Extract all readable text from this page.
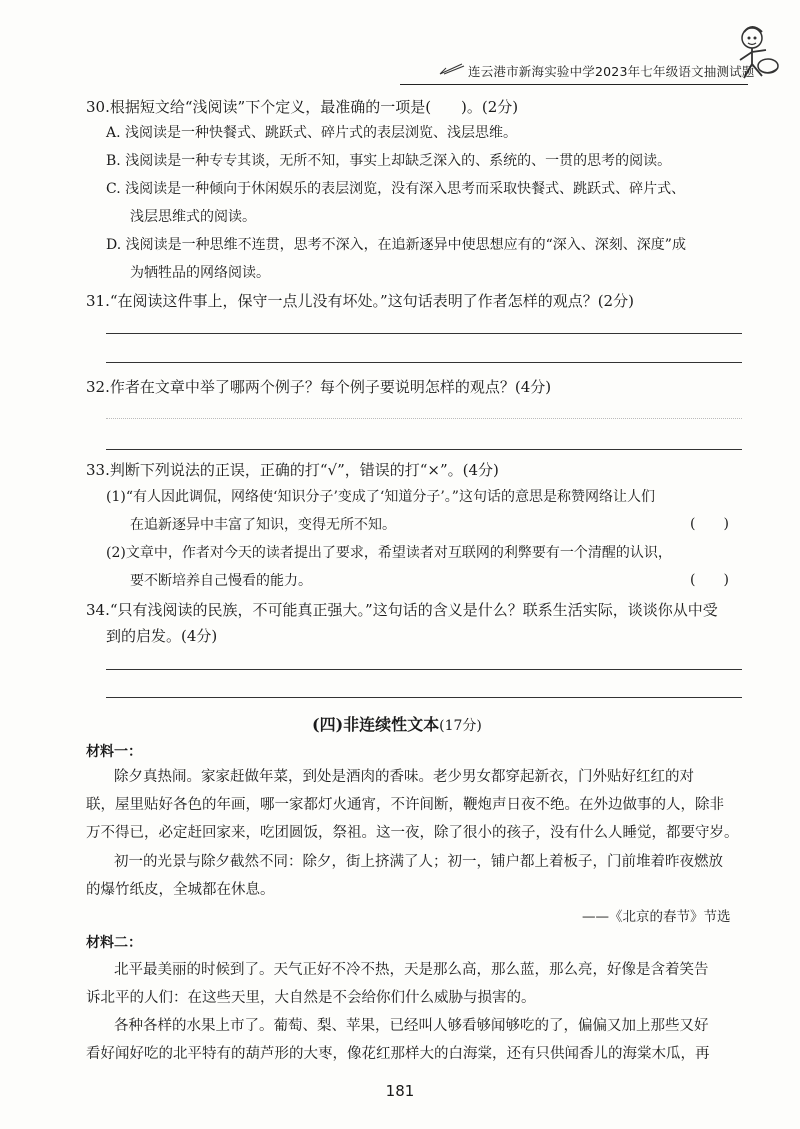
连云港市新海实验中学2023年七年级语文抽测试题
30.根据短文给“浅阅读”下个定义，最准确的一项是(　　)。(2分)
A. 浅阅读是一种快餐式、跳跃式、碎片式的表层浏览、浅层思维。
B. 浅阅读是一种专专其谈，无所不知，事实上却缺乏深入的、系统的、一贯的思考的阅读。
C. 浅阅读是一种倾向于休闲娱乐的表层浏览，没有深入思考而采取快餐式、跳跃式、碎片式、
浅层思维式的阅读。
D. 浅阅读是一种思维不连贯，思考不深入，在追新逐异中使思想应有的“深入、深刻、深度”成
为牺牲品的网络阅读。
31.“在阅读这件事上，保守一点儿没有坏处。”这句话表明了作者怎样的观点？(2分)
32.作者在文章中举了哪两个例子？每个例子要说明怎样的观点？(4分)
33.判断下列说法的正误，正确的打“√”，错误的打“×”。(4分)
(1)“有人因此调侃，网络使‘知识分子’变成了‘知道分子’。”这句话的意思是称赞网络让人们
在追新逐异中丰富了知识，变得无所不知。	(　　)
(2)文章中，作者对今天的读者提出了要求，希望读者对互联网的利弊要有一个清醒的认识，
要不断培养自己慢看的能力。	(　　)
34.“只有浅阅读的民族，不可能真正强大。”这句话的含义是什么？联系生活实际，谈谈你从中受
到的启发。(4分)
(四)非连续性文本(17分)
材料一：
除夕真热闹。家家赶做年菜，到处是酒肉的香味。老少男女都穿起新衣，门外贴好红红的对
联，屋里贴好各色的年画，哪一家都灯火通宵，不许间断，鞭炮声日夜不绝。在外边做事的人，除非
万不得已，必定赶回家来，吃团圆饭，祭祖。这一夜，除了很小的孩子，没有什么人睡觉，都要守岁。
初一的光景与除夕截然不同：除夕，街上挤满了人；初一，铺户都上着板子，门前堆着昨夜燃放
的爆竹纸皮，全城都在休息。
——《北京的春节》节选
材料二：
北平最美丽的时候到了。天气正好不冷不热，天是那么高，那么蓝，那么亮，好像是含着笑告
诉北平的人们：在这些天里，大自然是不会给你们什么威胁与损害的。
各种各样的水果上市了。葡萄、梨、苹果，已经叫人够看够闻够吃的了，偏偏又加上那些又好
看好闻好吃的北平特有的葫芦形的大枣，像花红那样大的白海棠，还有只供闻香儿的海棠木瓜，再
181
